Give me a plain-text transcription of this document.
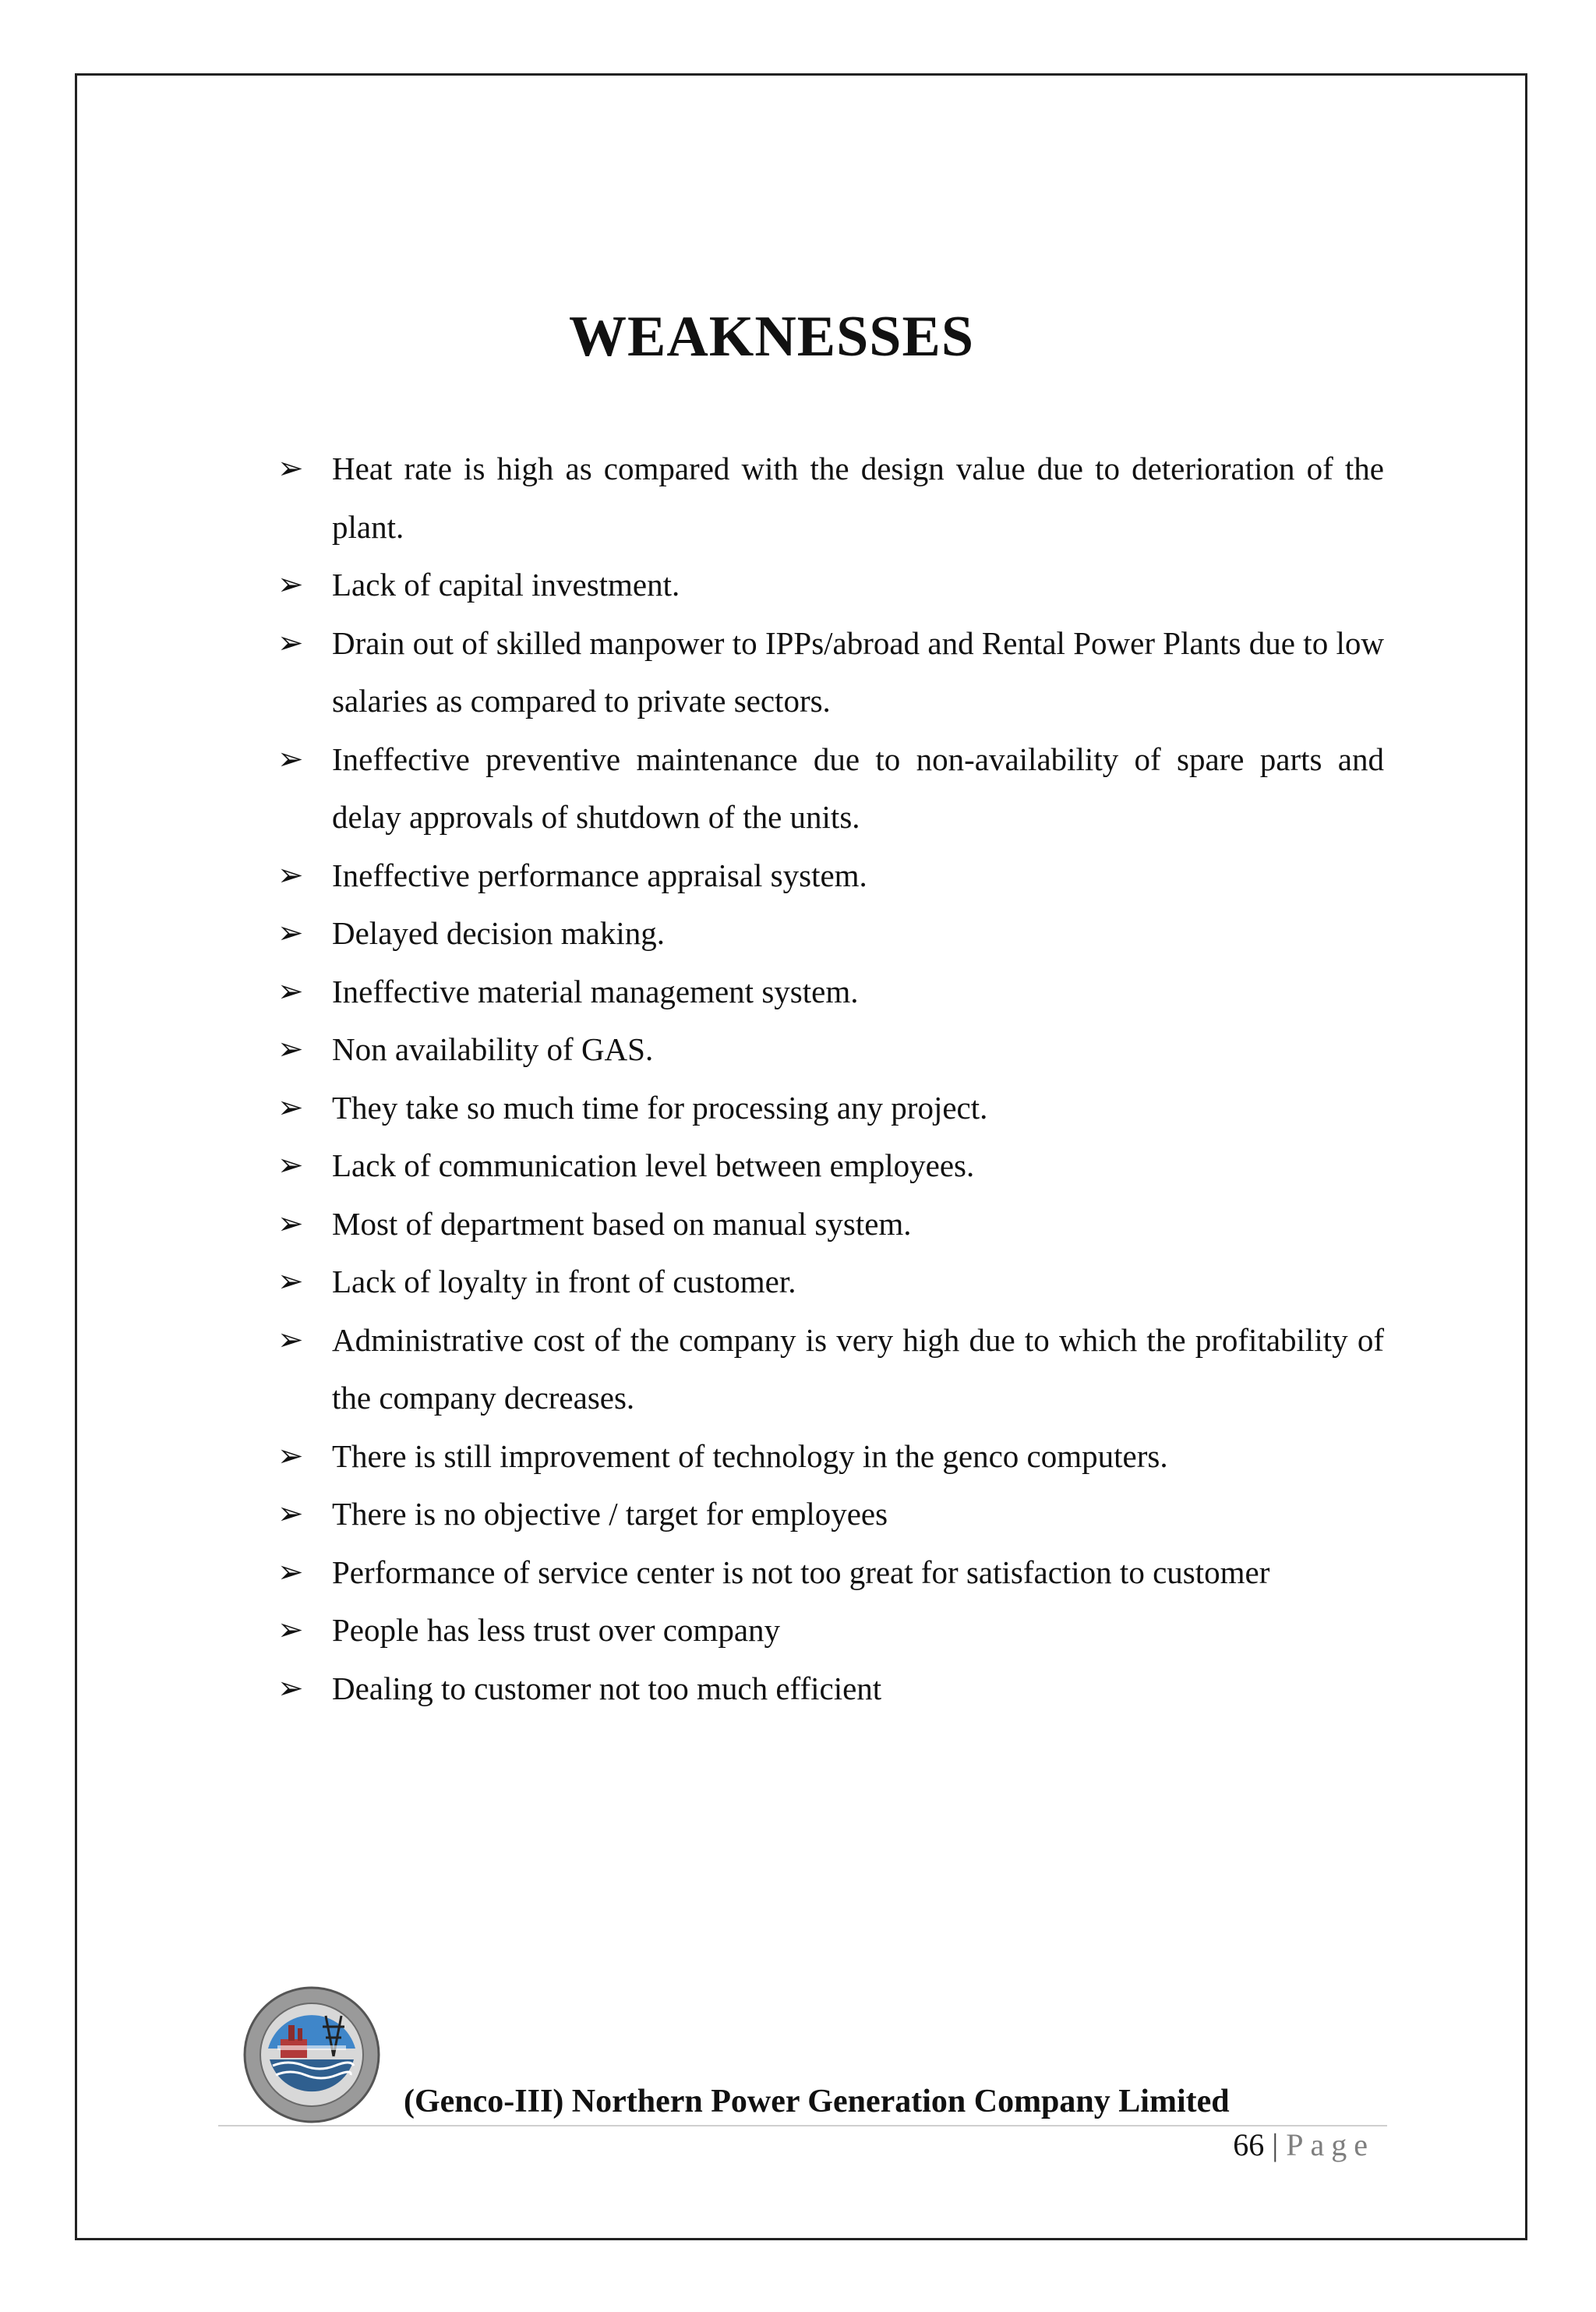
WEAKNESSES
➢ Heat rate is high as compared with the design value due to deterioration of the plant.
➢ Lack of capital investment.
➢ Drain out of skilled manpower to IPPs/abroad and Rental Power Plants due to low salaries as compared to private sectors.
➢ Ineffective preventive maintenance due to non-availability of spare parts and delay approvals of shutdown of the units.
➢ Ineffective performance appraisal system.
➢ Delayed decision making.
➢ Ineffective material management system.
➢ Non availability of GAS.
➢ They take so much time for processing any project.
➢ Lack of communication level between employees.
➢ Most of department based on manual system.
➢ Lack of loyalty in front of customer.
➢ Administrative cost of the company is very high due to which the profitability of the company decreases.
➢ There is still improvement of technology in the genco computers.
➢ There is no objective / target for employees
➢ Performance of service center is not too great for satisfaction to customer
➢ People has less trust over company
➢ Dealing to customer not too much efficient
(Genco-III) Northern Power Generation Company Limited
66 | Page
